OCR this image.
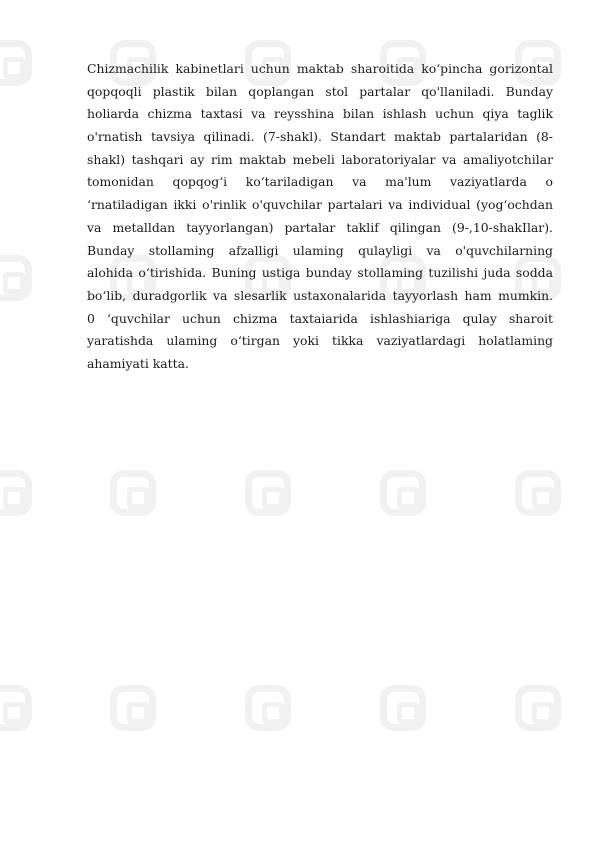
Chizmachilik kabinetlari uchun maktab sharoitida ko‘pincha gorizontal
qopqoqli plastik bilan qoplangan stol partalar qo'llaniladi. Bunday
holiarda chizma taxtasi va reysshina bilan ishlash uchun qiya taglik
o'rnatish tavsiya qilinadi. (7-shakl). Standart maktab partalaridan (8-
shakl) tashqari ay rim maktab mebeli laboratoriyalar va amaliyotchilar
tomonidan qopqog‘i ko‘tariladigan va ma'lum vaziyatlarda o
‘rnatiladigan ikki o'rinlik o'quvchilar partalari va individual (yog‘ochdan
va metalldan tayyorlangan) partalar taklif qilingan (9-,10-shakIlar).
Bunday stollaming afzalligi ulaming qulayligi va o'quvchilarning
alohida o‘tirishida. Buning ustiga bunday stollaming tuzilishi juda sodda
bo‘lib, duradgorlik va slesarlik ustaxonalarida tayyorlash ham mumkin.
0 ‘quvchilar uchun chizma taxtaiarida ishlashiariga qulay sharoit
yaratishda ulaming o‘tirgan yoki tikka vaziyatlardagi holatlaming
ahamiyati katta.
